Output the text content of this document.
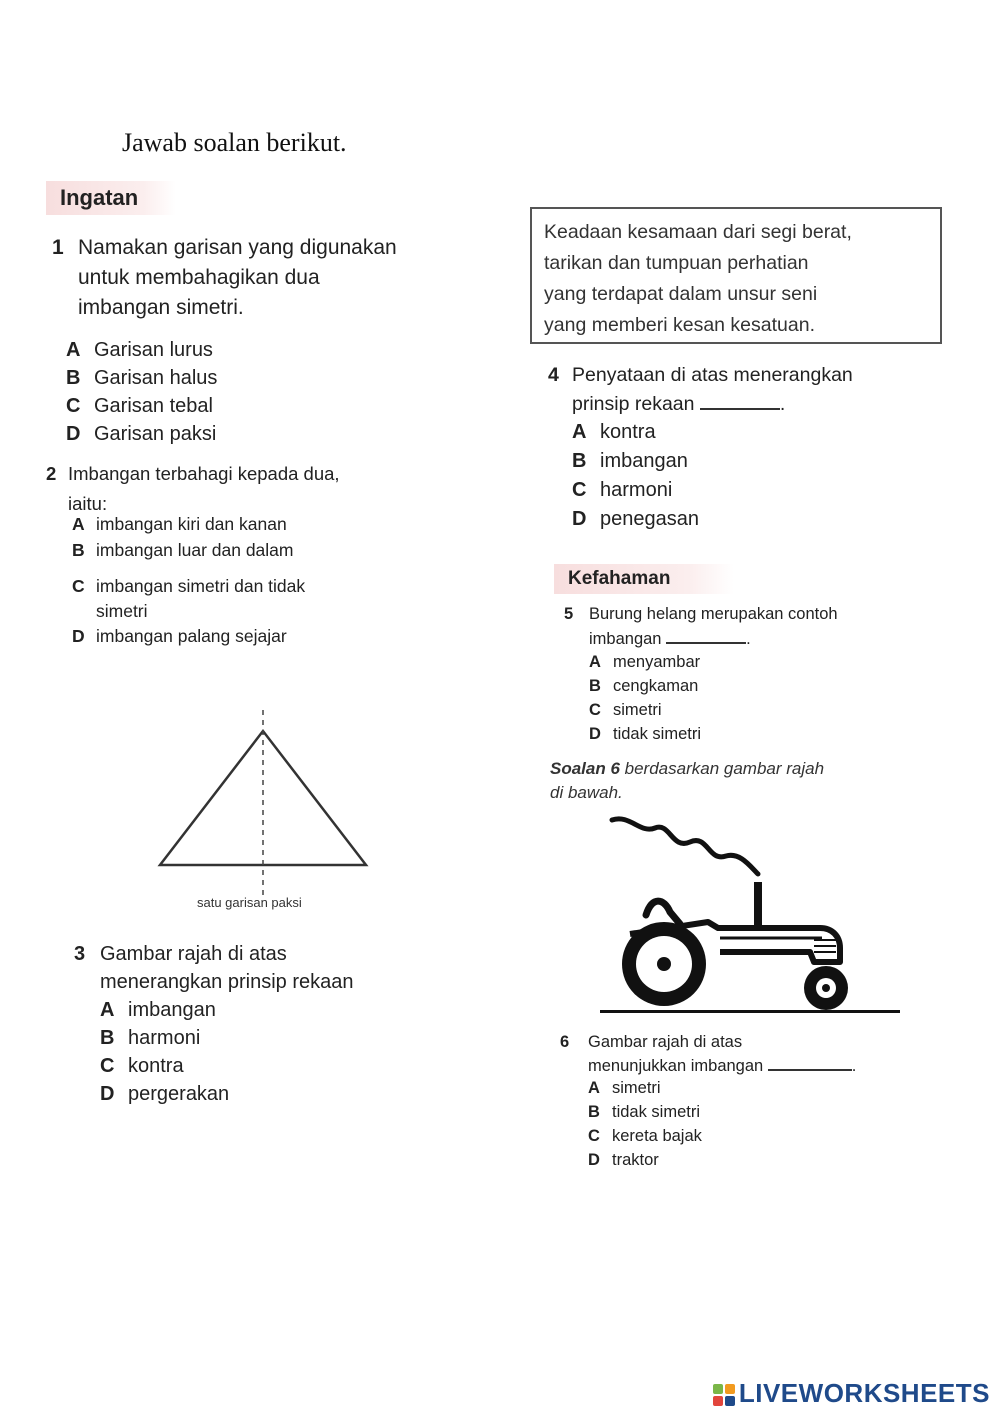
Jawab soalan berikut.
Ingatan
1 Namakan garisan yang digunakan
untuk membahagikan dua
imbangan simetri.
A Garisan lurus
B Garisan halus
C Garisan tebal
D Garisan paksi
2 Imbangan terbahagi kepada dua,
iaitu:
A imbangan kiri dan kanan
B imbangan luar dan dalam
C imbangan simetri dan tidak
simetri
D imbangan palang sejajar
satu garisan paksi
3 Gambar rajah di atas
menerangkan prinsip rekaan
A imbangan
B harmoni
C kontra
D pergerakan
Keadaan kesamaan dari segi berat,
tarikan dan tumpuan perhatian
yang terdapat dalam unsur seni
yang memberi kesan kesatuan.
4 Penyataan di atas menerangkan
prinsip rekaan	.
A kontra
B imbangan
C harmoni
D penegasan
Kefahaman
5 Burung helang merupakan contoh
imbangan	.
A menyambar
B cengkaman
C simetri
D tidak simetri
Soalan 6 berdasarkan gambar rajah
di bawah.
6 Gambar rajah di atas
menunjukkan imbangan	.
A simetri
B tidak simetri
C kereta bajak
D traktor
LIVEWORKSHEETS
